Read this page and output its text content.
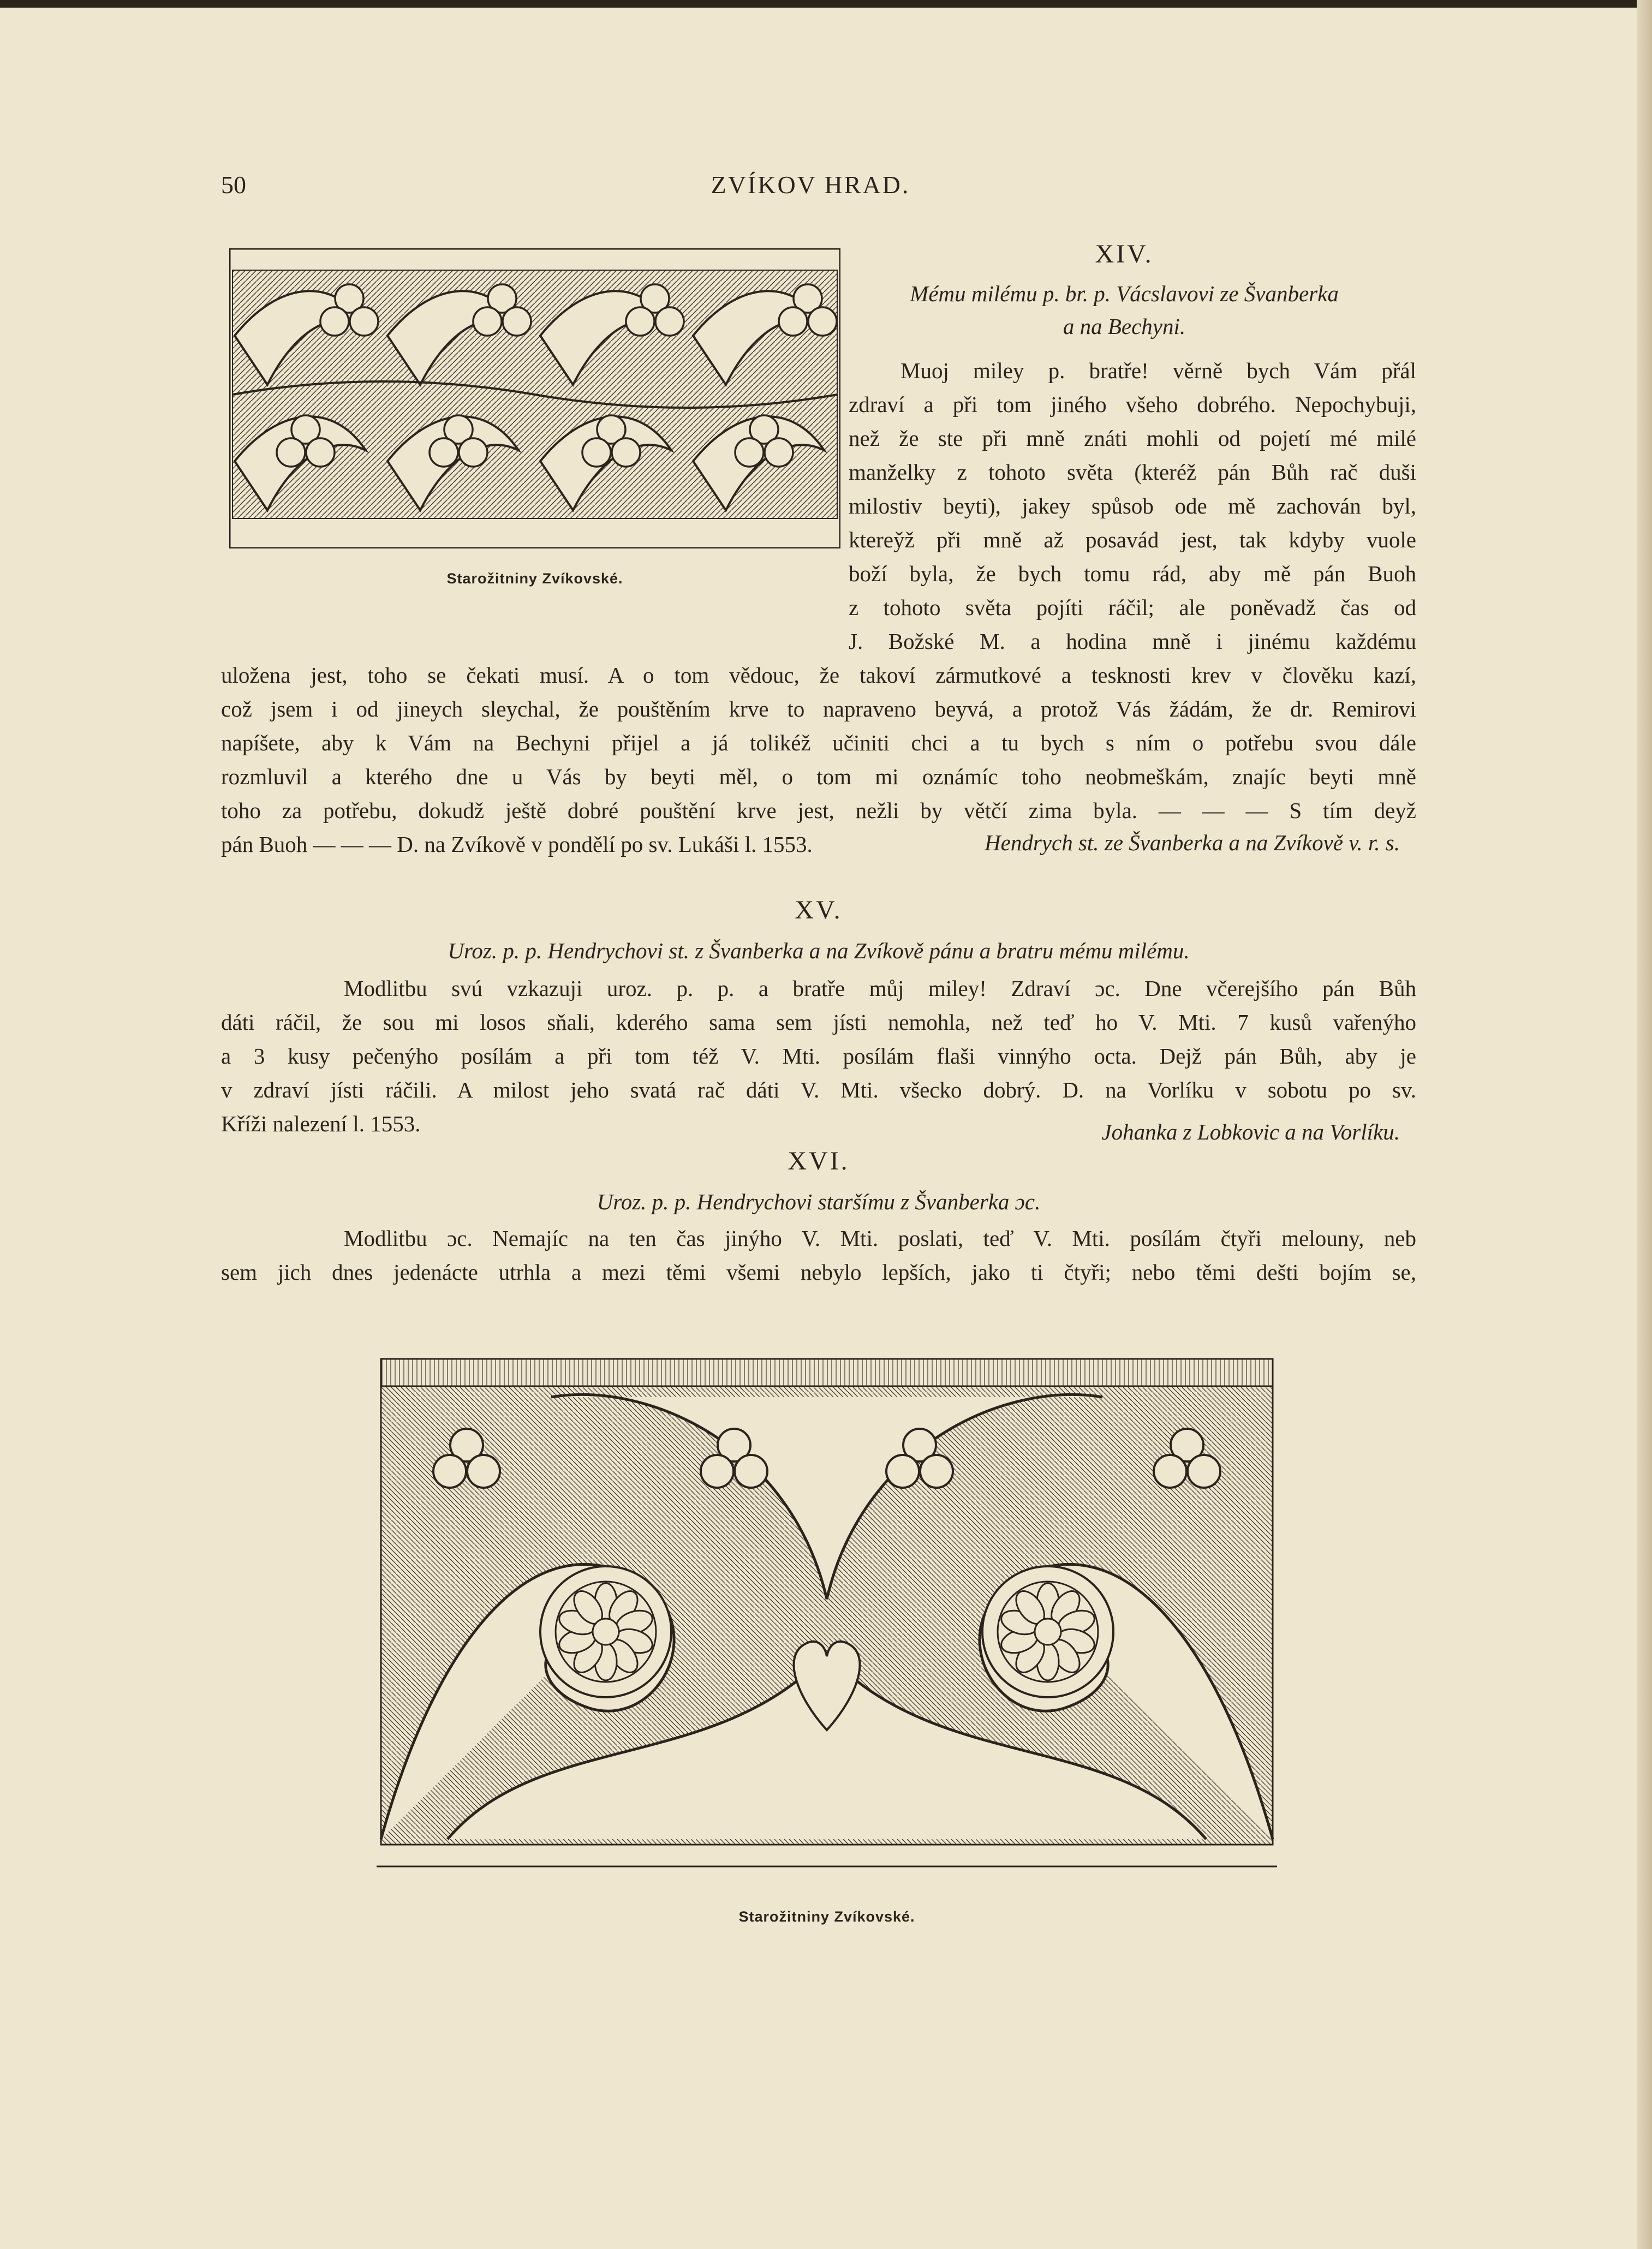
50	ZVÍKOV HRAD.
Starožitniny Zvíkovské.
XIV.
Mému milému p. br. p. Vácslavovi ze Švanberka
a na Bechyni.
Muoj miley p. bratře! věrně bych Vám přál
zdraví a při tom jiného všeho dobrého. Nepochybuji,
než že ste při mně znáti mohli od pojetí mé milé
manželky z tohoto světa (kteréž pán Bůh rač duši
milostiv beyti), jakey spůsob ode mě zachován byl,
kterey̌ž při mně až posavád jest, tak kdyby vuole
boží byla, že bych tomu rád, aby mě pán Buoh
z tohoto světa pojíti ráčil; ale poněvadž čas od
J. Božské M. a hodina mně i jinému každému
uložena jest, toho se čekati musí. A o tom vědouc, že takoví zármutkové a tesknosti krev v člověku kazí,
což jsem i od jineych sleychal, že pouštěním krve to napraveno beyvá, a protož Vás žádám, že dr. Remirovi
napíšete, aby k Vám na Bechyni přijel a já tolikéž učiniti chci a tu bych s ním o potřebu svou dále
rozmluvil a kterého dne u Vás by beyti měl, o tom mi oznámíc toho neobmeškám, znajíc beyti mně
toho za potřebu, dokudž ještě dobré pouštění krve jest, nežli by větčí zima byla. — — — S tím deyž
pán Buoh — — — D. na Zvíkově v pondělí po sv. Lukáši l. 1553.	Hendrych st. ze Švanberka a na Zvíkově v. r. s.
XV.
Uroz. p. p. Hendrychovi st. z Švanberka a na Zvíkově pánu a bratru mému milému.
Modlitbu svú vzkazuji uroz. p. p. a bratře můj miley! Zdraví ɔc. Dne včerejšího pán Bůh
dáti ráčil, že sou mi losos sňali, kderého sama sem jísti nemohla, než teď ho V. Mti. 7 kusů vařenýho
a 3 kusy pečenýho posílám a při tom též V. Mti. posílám flaši vinnýho octa. Dejž pán Bůh, aby je
v zdraví jísti ráčili. A milost jeho svatá rač dáti V. Mti. všecko dobrý. D. na Vorlíku v sobotu po sv.
Kříži nalezení l. 1553.	Johanka z Lobkovic a na Vorlíku.
XVI.
Uroz. p. p. Hendrychovi staršímu z Švanberka ɔc.
Modlitbu ɔc. Nemajíc na ten čas jinýho V. Mti. poslati, teď V. Mti. posílám čtyři melouny, neb
sem jich dnes jedenácte utrhla a mezi těmi všemi nebylo lepších, jako ti čtyři; nebo těmi dešti bojím se,
Starožitniny Zvíkovské.
